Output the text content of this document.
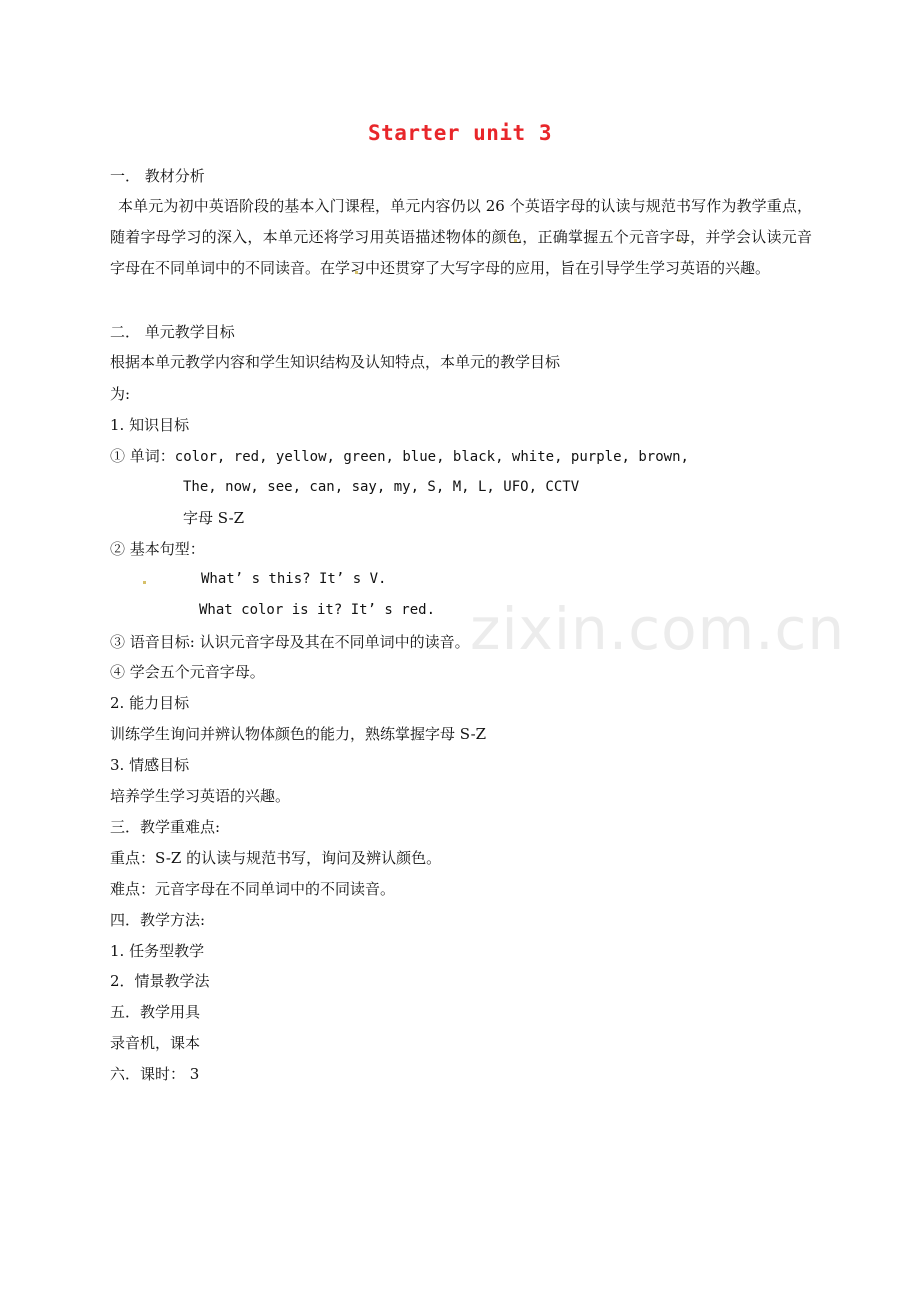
zixin.com.cn
Starter unit 3
一． 教材分析
本单元为初中英语阶段的基本入门课程，单元内容仍以 26 个英语字母的认读与规范书写作为教学重点，随着字母学习的深入，本单元还将学习用英语描述物体的颜色，正确掌握五个元音字母，并学会认读元音字母在不同单词中的不同读音。在学习中还贯穿了大写字母的应用，旨在引导学生学习英语的兴趣。
二． 单元教学目标
根据本单元教学内容和学生知识结构及认知特点，本单元的教学目标
为:
1. 知识目标
① 单词：color, red, yellow, green, blue, black, white, purple, brown,
The, now, see, can, say, my, S, M, L, UFO, CCTV
字母 S-Z
② 基本句型：
What’ s this? It’ s V.
What color is it? It’ s red.
③ 语音目标: 认识元音字母及其在不同单词中的读音。
④ 学会五个元音字母。
2. 能力目标
训练学生询问并辨认物体颜色的能力，熟练掌握字母 S-Z
3. 情感目标
培养学生学习英语的兴趣。
三．教学重难点:
重点：S-Z 的认读与规范书写，询问及辨认颜色。
难点：元音字母在不同单词中的不同读音。
四．教学方法:
1. 任务型教学
2．情景教学法
五．教学用具
录音机，课本
六．课时： 3
